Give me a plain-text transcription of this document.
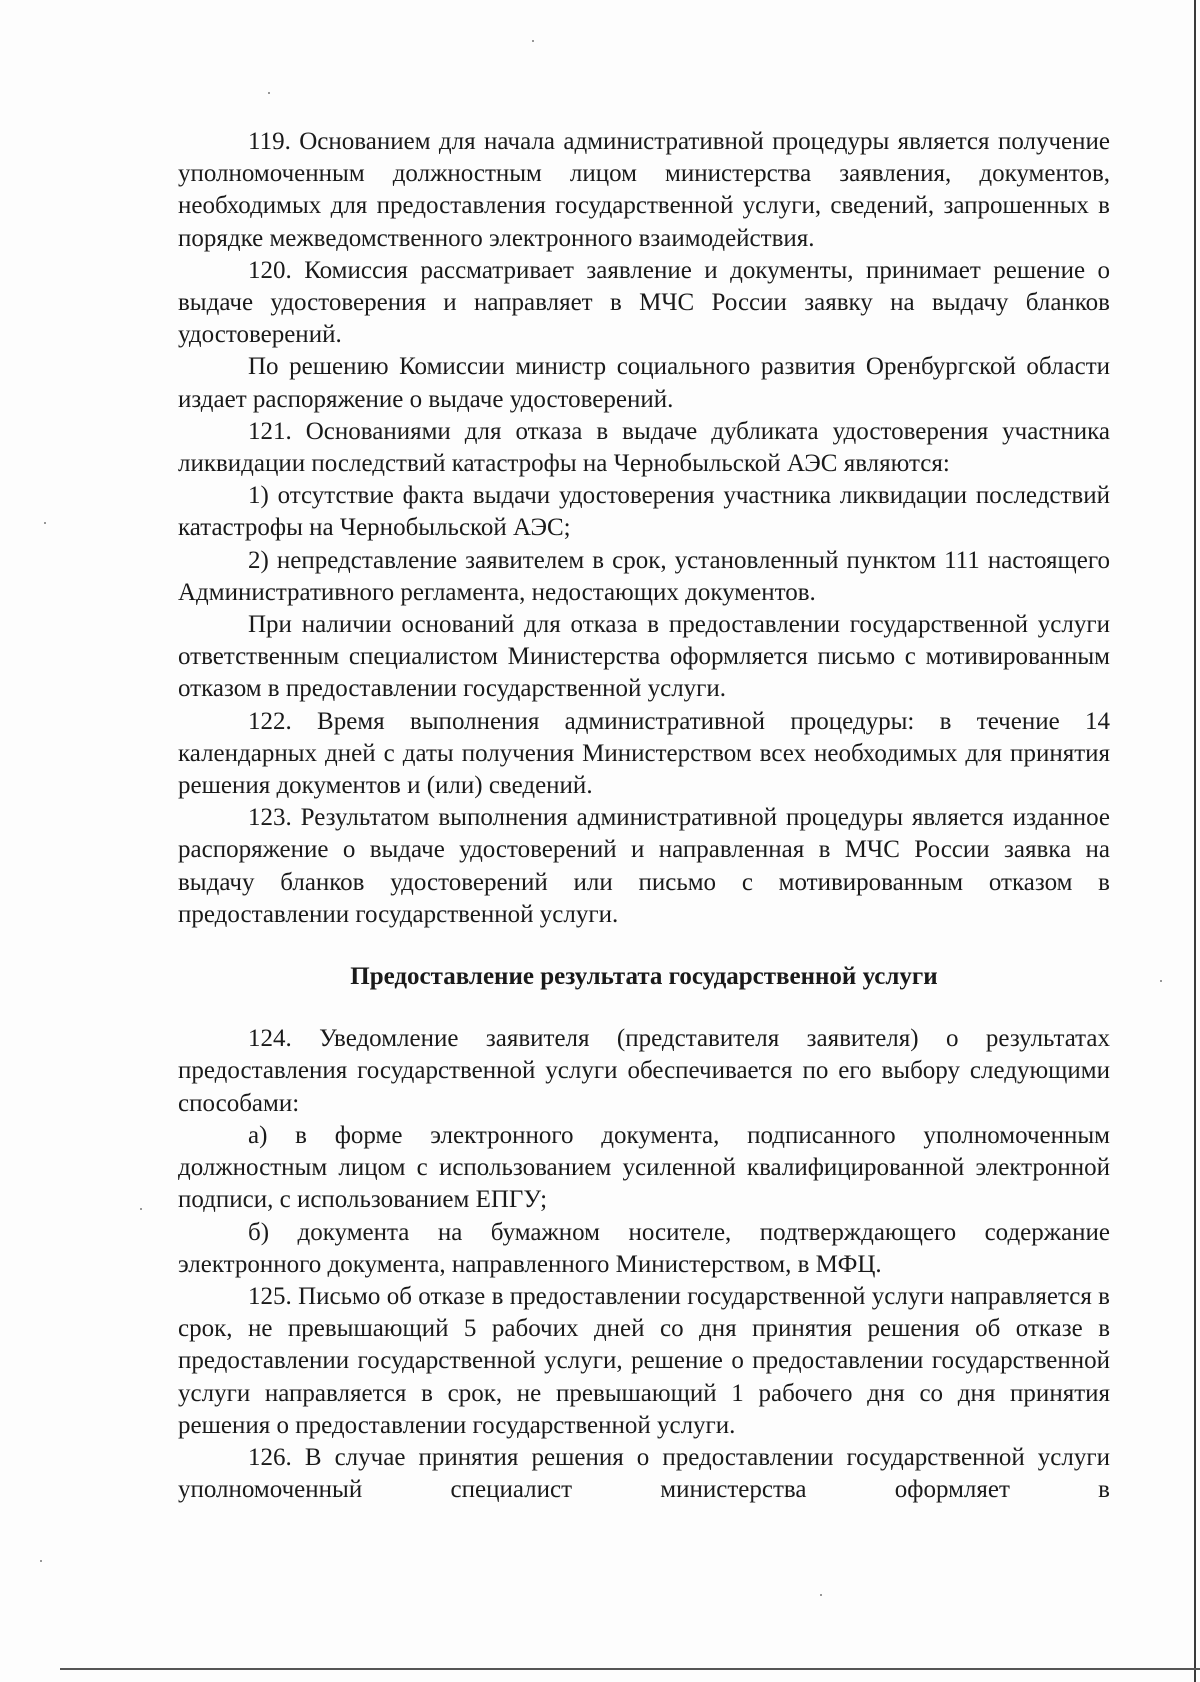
119. Основанием для начала административной процедуры является получение уполномоченным должностным лицом министерства заявления, документов, необходимых для предоставления государственной услуги, сведений, запрошенных в порядке межведомственного электронного взаимодействия.

120. Комиссия рассматривает заявление и документы, принимает решение о выдаче удостоверения и направляет в МЧС России заявку на выдачу бланков удостоверений.

По решению Комиссии министр социального развития Оренбургской области издает распоряжение о выдаче удостоверений.

121. Основаниями для отказа в выдаче дубликата удостоверения участника ликвидации последствий катастрофы на Чернобыльской АЭС являются:

1) отсутствие факта выдачи удостоверения участника ликвидации последствий катастрофы на Чернобыльской АЭС;

2) непредставление заявителем в срок, установленный пунктом 111 настоящего Административного регламента, недостающих документов.

При наличии оснований для отказа в предоставлении государственной услуги ответственным специалистом Министерства оформляется письмо с мотивированным отказом в предоставлении государственной услуги.

122. Время выполнения административной процедуры: в течение 14 календарных дней с даты получения Министерством всех необходимых для принятия решения документов и (или) сведений.

123. Результатом выполнения административной процедуры является изданное распоряжение о выдаче удостоверений и направленная в МЧС России заявка на выдачу бланков удостоверений или письмо с мотивированным отказом в предоставлении государственной услуги.

Предоставление результата государственной услуги

124. Уведомление заявителя (представителя заявителя) о результатах предоставления государственной услуги обеспечивается по его выбору следующими способами:

а) в форме электронного документа, подписанного уполномоченным должностным лицом с использованием усиленной квалифицированной электронной подписи, с использованием ЕПГУ;

б) документа на бумажном носителе, подтверждающего содержание электронного документа, направленного Министерством, в МФЦ.

125. Письмо об отказе в предоставлении государственной услуги направляется в срок, не превышающий 5 рабочих дней со дня принятия решения об отказе в предоставлении государственной услуги, решение о предоставлении государственной услуги направляется в срок, не превышающий 1 рабочего дня со дня принятия решения о предоставлении государственной услуги.

126. В случае принятия решения о предоставлении государственной услуги уполномоченный специалист министерства оформляет в
